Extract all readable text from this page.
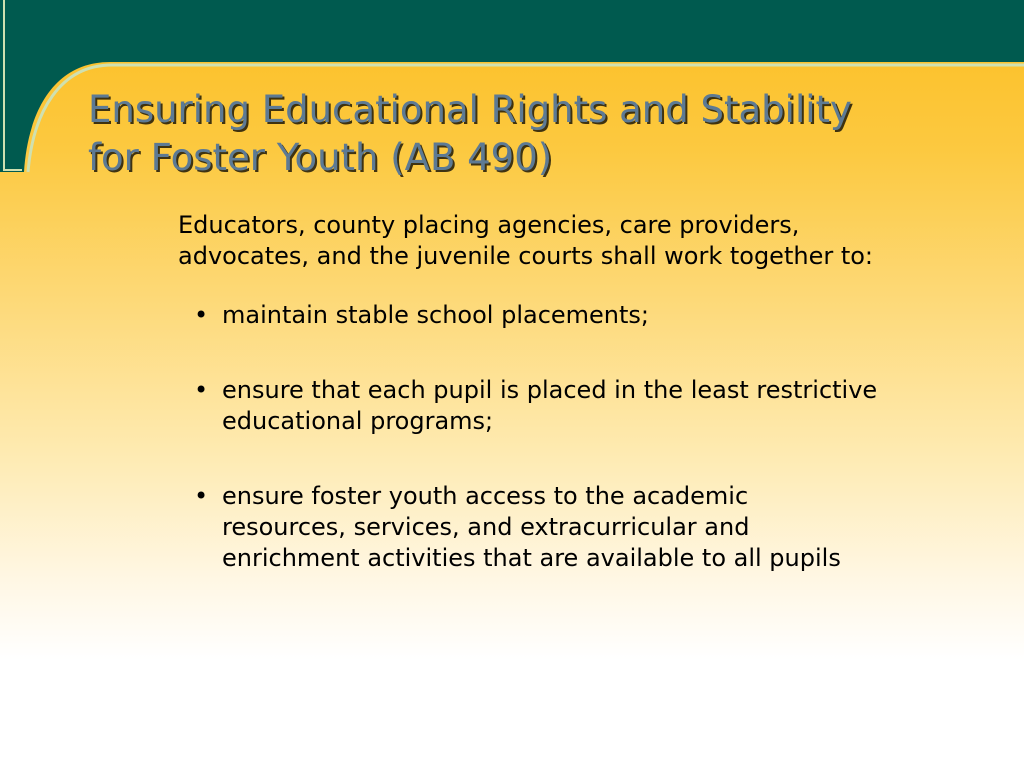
Ensuring Educational Rights and Stability
for Foster Youth (AB 490)

Educators, county placing agencies, care providers, advocates, and the juvenile courts shall work together to:

• maintain stable school placements;
• ensure that each pupil is placed in the least restrictive educational programs;
• ensure foster youth access to the academic resources, services, and extracurricular and enrichment activities that are available to all pupils
